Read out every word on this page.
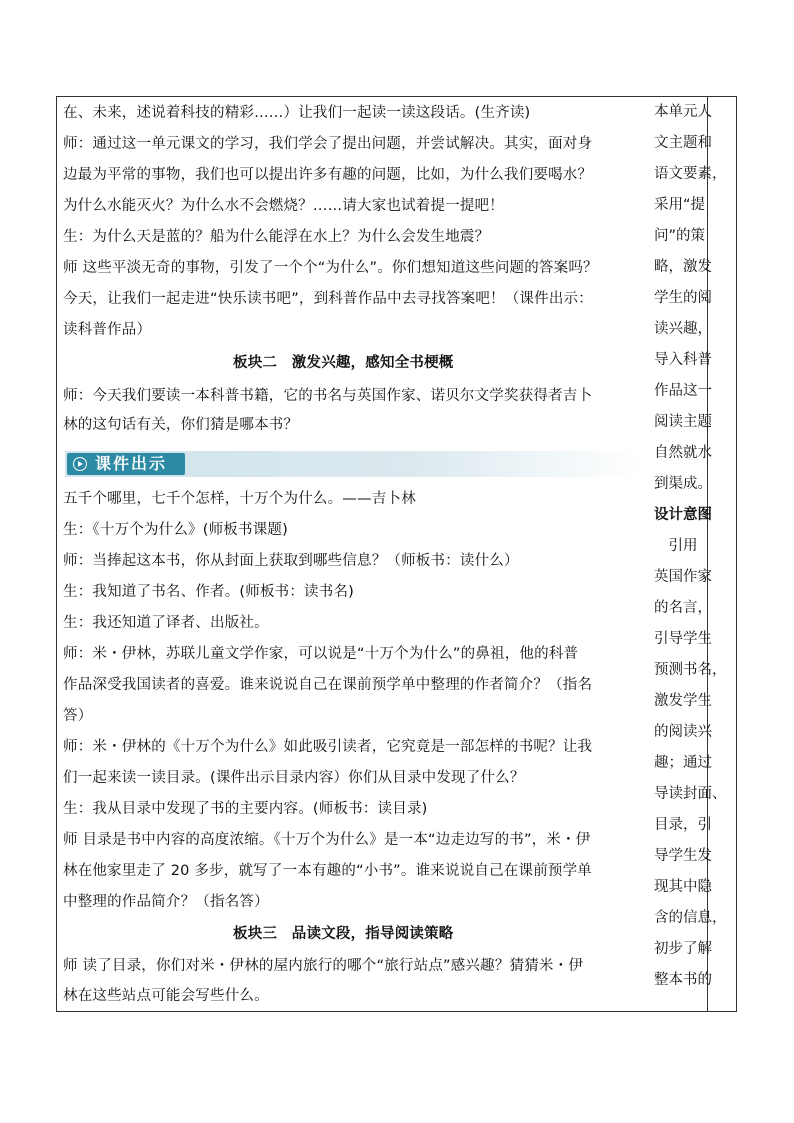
在、未来，述说着科技的精彩……）让我们一起读一读这段话。(生齐读)
师：通过这一单元课文的学习，我们学会了提出问题，并尝试解决。其实，面对身
边最为平常的事物，我们也可以提出许多有趣的问题，比如，为什么我们要喝水？
为什么水能灭火？为什么水不会燃烧？……请大家也试着提一提吧！
生：为什么天是蓝的？船为什么能浮在水上？为什么会发生地震？
师 这些平淡无奇的事物，引发了一个个“为什么”。你们想知道这些问题的答案吗？
今天，让我们一起走进“快乐读书吧”，到科普作品中去寻找答案吧！（课件出示：
读科普作品）
板块二　激发兴趣，感知全书梗概
师：今天我们要读一本科普书籍，它的书名与英国作家、诺贝尔文学奖获得者吉卜
林的这句话有关，你们猜是哪本书？
课件出示
五千个哪里，七千个怎样，十万个为什么。——吉卜林
生：《十万个为什么》(师板书课题)
师：当捧起这本书，你从封面上获取到哪些信息？（师板书：读什么）
生：我知道了书名、作者。(师板书：读书名)
生：我还知道了译者、出版社。
师：米・伊林，苏联儿童文学作家，可以说是“十万个为什么”的鼻祖，他的科普
作品深受我国读者的喜爱。谁来说说自己在课前预学单中整理的作者简介？（指名
答）
师：米・伊林的《十万个为什么》如此吸引读者，它究竟是一部怎样的书呢？让我
们一起来读一读目录。(课件出示目录内容）你们从目录中发现了什么？
生：我从目录中发现了书的主要内容。(师板书：读目录)
师 目录是书中内容的高度浓缩。《十万个为什么》是一本“边走边写的书”，米・伊
林在他家里走了 20 多步，就写了一本有趣的“小书”。谁来说说自己在课前预学单
中整理的作品简介？（指名答）
板块三　品读文段，指导阅读策略
师 读了目录，你们对米・伊林的屋内旅行的哪个“旅行站点”感兴趣？猜猜米・伊
林在这些站点可能会写些什么。
本单元人
文主题和
语文要素，
采用“提
问”的策
略，激发
学生的阅
读兴趣，
导入科普
作品这一
阅读主题
自然就水
到渠成。
设计意图
　引用
英国作家
的名言，
引导学生
预测书名，
激发学生
的阅读兴
趣；通过
导读封面、
目录，引
导学生发
现其中隐
含的信息，
初步了解
整本书的
